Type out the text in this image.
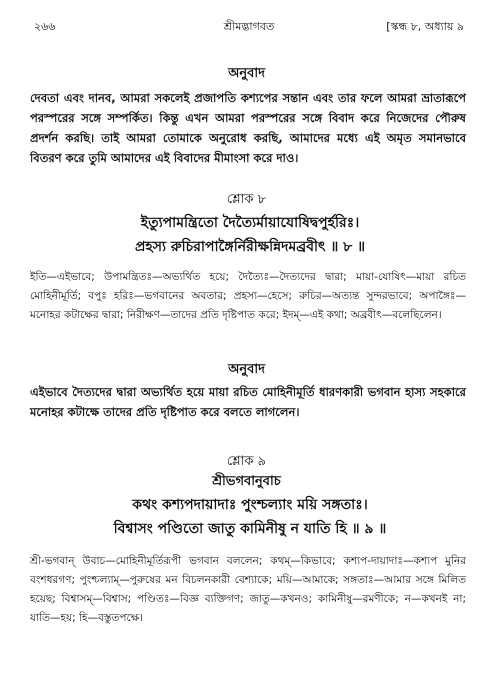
২৬৬	শ্রীমদ্ভাগবত	[স্কন্ধ ৮, অধ্যায় ৯
অনুবাদ
দেবতা এবং দানব, আমরা সকলেই প্রজাপতি কশ্যপের সন্তান এবং তার ফলে আমরা ভ্রাতারূপে পরস্পরের সঙ্গে সম্পর্কিত। কিন্তু এখন আমরা পরস্পরের সঙ্গে বিবাদ করে নিজেদের পৌরুষ প্রদর্শন করছি। তাই আমরা তোমাকে অনুরোধ করছি, আমাদের মধ্যে এই অমৃত সমানভাবে বিতরণ করে তুমি আমাদের এই বিবাদের মীমাংসা করে দাও।
শ্লোক ৮
ইত্যুপামন্ত্রিতো দৈত্যৈর্মায়াযোষিদ্বপুর্হরিঃ।
প্রহস্য রুচিরাপাঙ্গৈর্নিরীক্ষন্নিদমব্রবীৎ ॥ ৮ ॥
ইতি—এইভাবে; উপামন্ত্রিতঃ—অভ্যর্থিত হয়ে; দৈত্যৈঃ—দৈত্যদের দ্বারা; মায়া-যোষিৎ—মায়া রচিত মোহিনীমূর্তি; বপুঃ হরিঃ—ভগবানের অবতার; প্রহস্য—হেসে; রুচির—অত্যন্ত সুন্দরভাবে; অপাঙ্গৈঃ—মনোহর কটাক্ষের দ্বারা; নিরীক্ষণ—তাদের প্রতি দৃষ্টিপাত করে; ইদম্—এই কথা; অব্রবীৎ—বলেছিলেন।
অনুবাদ
এইভাবে দৈত্যদের দ্বারা অভ্যর্থিত হয়ে মায়া রচিত মোহিনীমূর্তি ধারণকারী ভগবান হাস্য সহকারে মনোহর কটাক্ষে তাদের প্রতি দৃষ্টিপাত করে বলতে লাগলেন।
শ্লোক ৯
শ্রীভগবানুবাচ
কথং কশ্যপদায়াদাঃ পুংশ্চল্যাং ময়ি সঙ্গতাঃ।
বিশ্বাসং পণ্ডিতো জাতু কামিনীষু ন যাতি হি ॥ ৯ ॥
শ্রী-ভগবান্ উবাচ—মোহিনীমূর্তিরূপী ভগবান বললেন; কথম্—কিভাবে; কশ্যপ-দায়াদাঃ—কশ্যপ মুনির বংশধরগণ; পুংশ্চল্যাম্—পুরুষের মন বিচলনকারী বেশ্যাকে; ময়ি—আমাকে; সঙ্গতাঃ—আমার সঙ্গে মিলিত হয়েছ; বিশ্বাসম্—বিশ্বাস; পণ্ডিতঃ—বিজ্ঞ ব্যক্তিগণ; জাতু—কখনও; কামিনীষু—রমণীকে; ন—কখনই না; যাতি—হয়; হি—বস্তুতপক্ষে।
